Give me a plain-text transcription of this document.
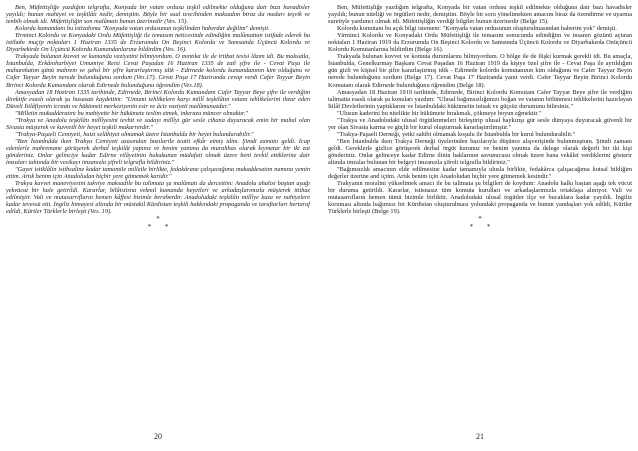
Ben, Müfettişliğe yazdığım telgrafta, Konyada bir vatan ordusu teşkil edilmekte olduğuna dair bazı havadisler yayıldı; bunun mahiyet ve teşkilâtı nedir, demiştim. Böyle bir sual tevcihinden maksadım biraz da medarı teşvik ve tenbih olmak idi. Müfettişliğin son malûmatı bunun üzerinedir (Ves. 15).

Kolordu kumandanı bu istizahıma "Konyada vatan ordusunun teşkilinden haberdar değilim" demişti.

Yirminci Kolordu ve Konyadaki Ordu Müfettişliği ile temasım neticesinde edindiğim malûmattan istifade ederek bu istihabı muçip noktaları 1 Haziran 1335 de Erzurumda On Beşinci Kolordu ve Samsunda Üçüncü Kolordu ve Diyarbekirde On Üçüncü Kolordu Kumandanlarına bildirdim (Ves. 16).

Trakyada bulunan kuvvet ve kumanda vaziyetini bilmiyordum. O mıntıka ile de irtibat tesisi lâzım idi. Bu maksatla, İstanbulda, Erkânıharbiyei Umumiye Reisi Cevat Paşadan 16 Haziran 1335 de zatî şifre ile - Cevat Paşa ile muharekatım günü mahrem ve şahsî bir şifre kararlaştırmış idik - Edirnede kolordu kumandanının kim olduğunu ve Cafer Tayyar Beyin nerede bulunduğunu sordum (Ves.17). Cevat Paşa 17 Haziranda cevap verdi Cafer Tayyar Beyin Birinci Kolordu Kumandanı olarak Edirnede bulunduğunu öğrendim (Ves.18).

Amasyadan 18 Haziran 1335 tarihinde, Edirnede, Birinci Kolordu Kumandanı Cafer Tayyar Beye şifre ile verdiğim direktife esaslı olarak şu hususatı kaydettim: "Umumi tehlikelere karşı millî teşkilâtın vatanı tehlikelerini ihzar eden Düveli İtilâfiyenin icraatı ve hükümeti merkeziyenin esir ve âciz vaziyeti malûmunuzdur."

"Milletin mukadderatını bu mahiyette bir hükümete teslim etmek, inkıraza müncer olmaktır."

"Trakya ve Anadolu teşkilâtı millîyesini tevhit ve sadayı millîyi gür sesle cihana duyuracak emin bir mahal olan Sivasta müşterek ve kuvvetli bir heyet teşkili mukarrerdir."

"Trakya-Paşaeli Cemiyeti, haizi selâhiyet olmamak üzere İstanbulda bir heyet bulundurabilir."

"Ben İstanbulda iken Trakya Cemiyeti azasından bazılarile teatii efkâr etmiş idim. Şimdi zamanı geldi. İcap edenlerle mahremane görüşerek derhal teşkilât yapınız ve benim yanıma da murahhas olarak kıymetar bir iki zat gönderiniz. Onlar gelinciye kadar Edirne vilâyetinin hukukunun müdafaii olmak üzere beni tevkil ettiklerine dair imzaları tahtında bir vesikayı imzanızla şifreli telgrafla bildiriniz."

"Gayei istiklâlin istihsaline kadar tamamile milletle birlikte, fedakârane çalışacağıma mukaddesatım namına yemin ettim. Artık benim için Anadoludan hiçbir yere gitmemek karidir."

Trakya kuvvei maneviyesini takviye maksadile bu talimata şu malûmatı da dercettim: Anadolu ahalisi baştan aşağı yekvücut bir hale getirildi. Kararlar, bilâistisna vekmil kumanda heyetleri ve arkadaşlarımızla müşterek ittihaz edilmiştir. Vali ve mutasarrıfların hemen kâffesi bizimle beraberdir. Anadoludaki teşkilâtı millîye kuza ve nahiyelere kadar tevessü etti. İngiliz himayesi altında bir müstakil Kürdistan teşkili hakkındaki propaganda ve taraftarları bertaraf edildi, Kürtler Türklerle birleşti (Ves. 19).

*
* *
20

Ben, Müfettişliğe yazdığım telgrafta, Konyada bir vatan ordusu teşkil edilmekte olduğuna dair bazı havadisler yayıldı; bunun niteliği ve örgütleri nedir, demiştim. Böyle bir soru yöneltmekten amacım biraz da özendirme ve uyarma suretiyle yardımcı olmak idi. Müfettişliğin verdiği bilgiler bunun üzerinedir (Belge 15).

Kolordu komutanı bu açık bilgi istemem: "Konyada vatan ordusunun oluşturulmasından haberim yok" demişti.

Yirminci Kolordu ve Konyadaki Ordu Müfettişliği ile temasım sonucunda edindiğim ve insanın gözünü açtıran noktaları 1 Haziran 1919 da Erzurumda On Beşinci Kolordu ve Samsunda Üçüncü Kolordu ve Diyarbakırda Onüçüncü Kolordu Komutanlarına bildirdim (Belge 16).

Trakyada bulunan kuvvet ve komuta durumlarını bilmiyordum. O bölge ile de ilişki kurmak gerekli idi. Bu amaçla, İstanbulda, Genelkurmay Başkanı Cevat Paşadan 16 Haziran 1919 da kişiye özel şifre ile - Cevat Paşa ile ayrıldığım gün gizli ve kişisel bir şifre kararlaştırmış idik - Edirnede kolordu komutanının kim olduğunu ve Cafer Tayyar Beyin nerede bulunduğunu sordum (Belge 17). Cevat Paşa 17 Haziranda yanıt verdi. Cafer Tayyar Beyin Birinci Kolordu Komutanı olarak Edirnede bulunduğunu öğrendim (Belge 18).

Amasyadan 18 Haziran 1919 tarihinde, Edirnede, Birinci Kolordu Komutanı Cafer Tayyar Beye şifre ile verdiğim talimatta esaslı olarak şu konuları yazdım: "Ulusal bağımsızlığımızı boğan ve vatanın bölünmesi tehlikelerini hazırlayan İtilâf Devletlerinin yaptıklarını ve İstanbuldaki hükümetin tutsak ve güçsüz durumunu bilirsiniz."

"Ulusun kaderini bu nitelikte bir hükümete bırakmak, çökmeye boyun eğmektir."

"Trakya ve Anadoludaki ulusal örgütlenmeleri birleştirip ulusal haykırışı gür sesle dünyaya duyuracak güvenli bir yer olan Sivasta karma ve güçlü bir kurul oluşturmak kararlaştırılmıştır."

"Trakya-Paşaeli Derneği, yetki sahibi olmamak koşulu ile İstanbulda bir kurul bulundurabilir."

"Ben İstanbulda iken Trakya Derneği üyelerinden bazılarıyla düşünce alışverişinde bulunmuştum. Şimdi zamanı geldi. Gereklerle gizlice görüşerek derhal örgüt kurunuz ve benim yanıma da delege olarak değerli bir iki kişi gönderiniz. Onlar gelinceye kadar Edirne ilinin haklarının savunucusu olmak üzere bana vekâlet verdiklerini gösterir altında imzalar bulunan bir belgeyi imzanızla şifreli telgrafla bildiriniz."

"Bağımsızlık amacının elde edilmesine kadar tamamıyla ulusla birlikte, fedakârca çalışacağıma kutsal bildiğim değerler üzerine and içtim. Artık benim için Anadoludan hiçbir yere gitmemek kesindir."

Trakyanın moralini yükseltmek amacı ile bu talimata şu bilgileri de koydum: Anadolu halkı baştan aşağı tek vücut bir duruma getirildi. Kararlar, istisnasız tüm komuta kurulları ve arkadaşlarımızla ortaklaşa alınıyor. Vali ve mutasarrıfların hemen tümü bizimle birliktir. Anadoludaki ulusal örgütler ilçe ve bucaklara kadar yayıldı. İngiliz koruması altında bağımsız bir Kürdistan oluşturulması yolundaki propaganda ve bunun yandaşları yok edildi, Kürtler Türklerle birleşti (Belge 19).

*
* *
21
